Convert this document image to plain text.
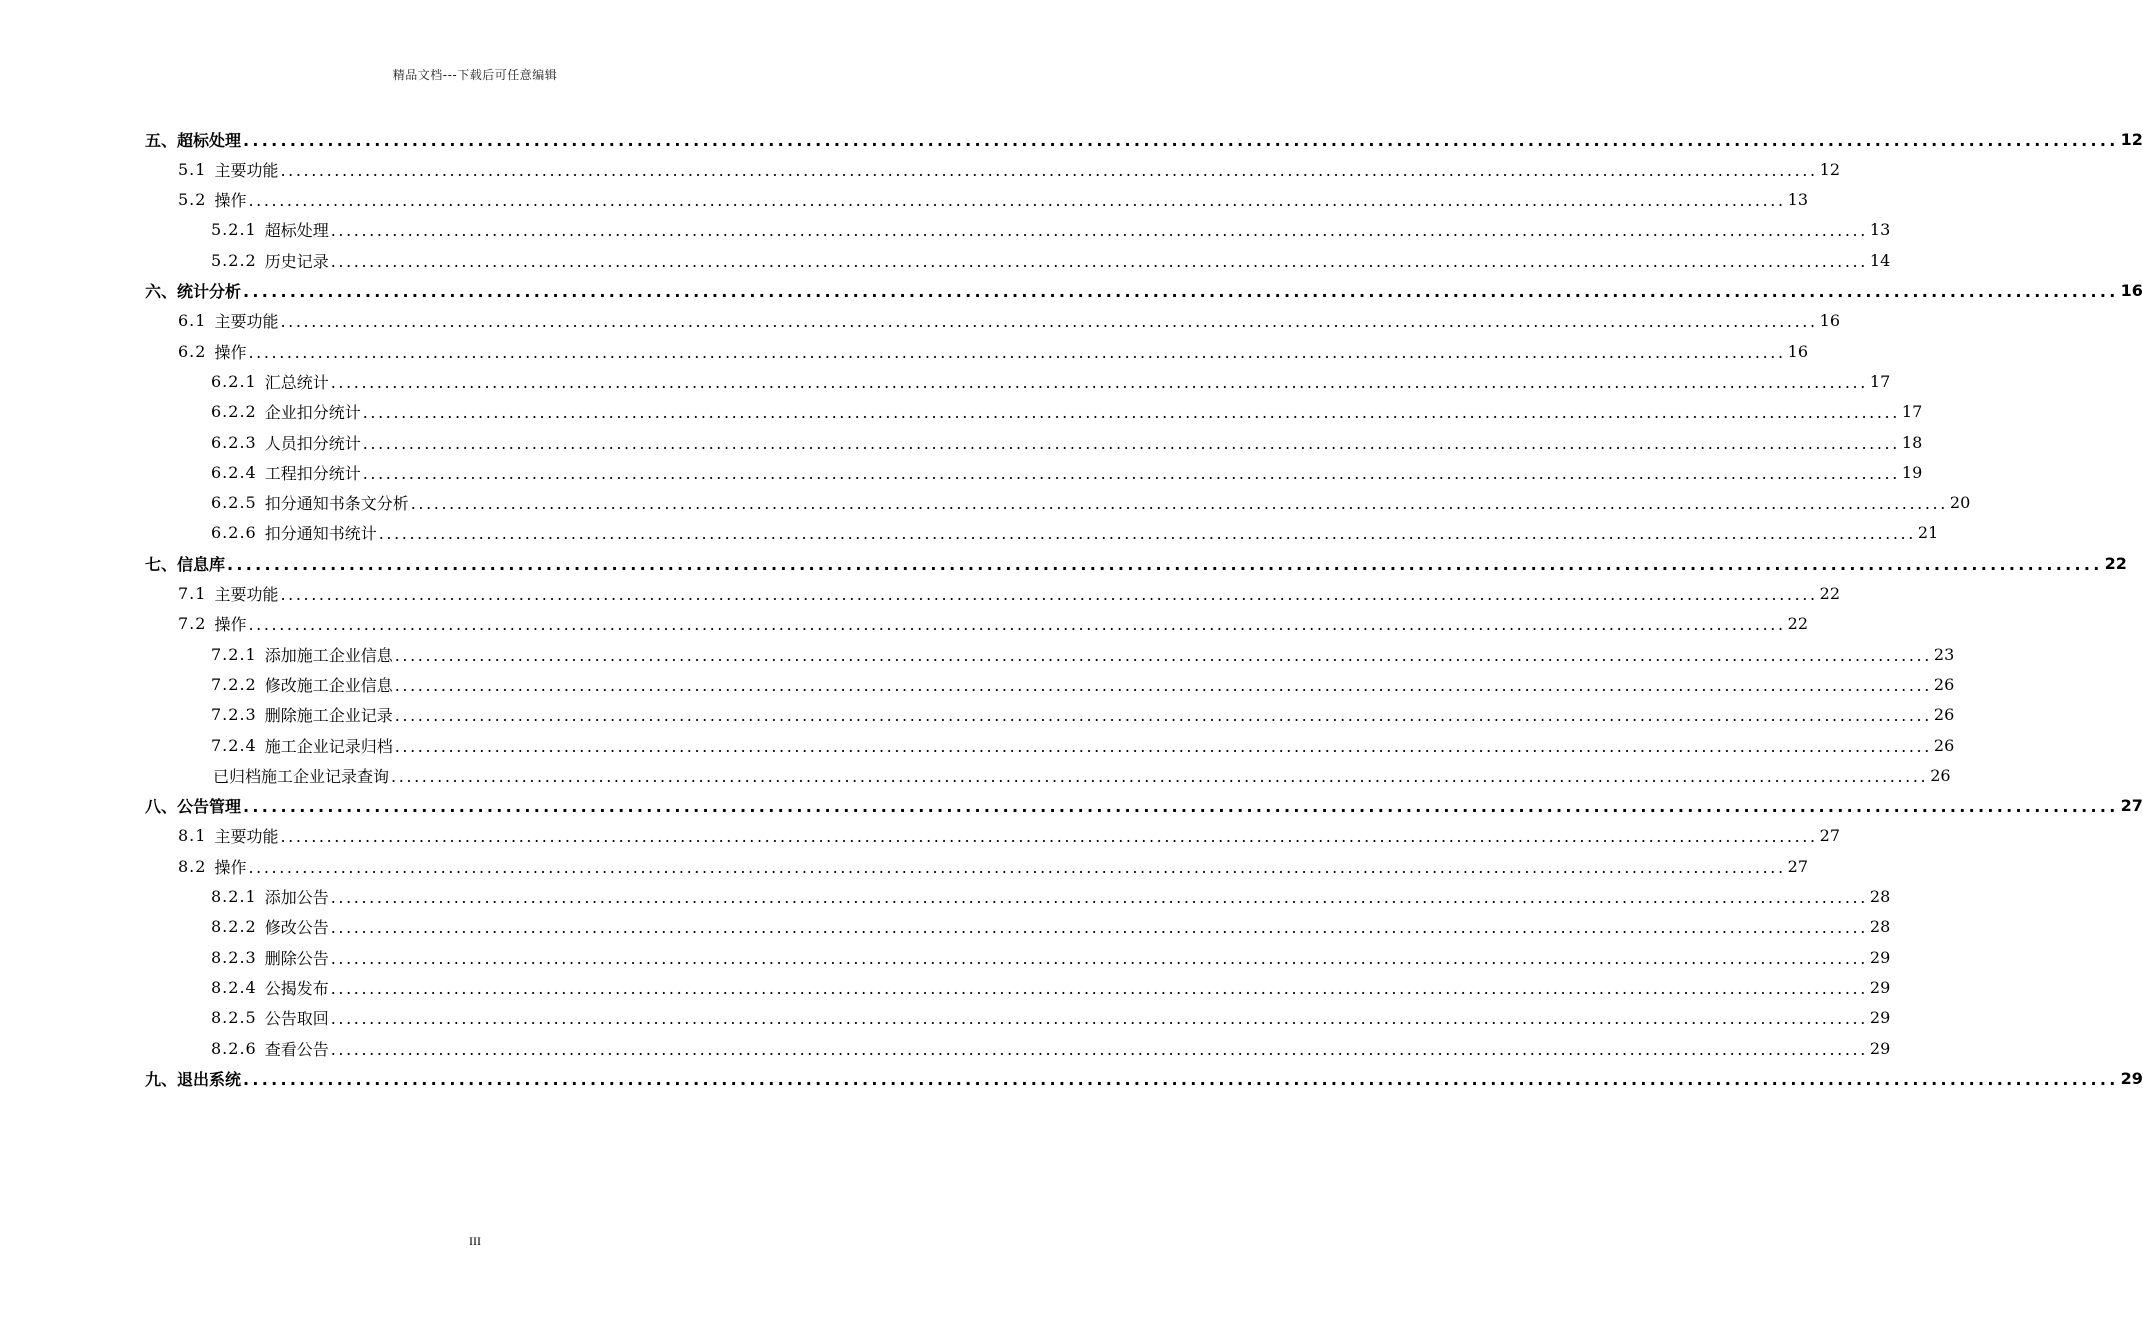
精品文档---下载后可任意编辑
五、超标处理 ........................................................................................................................................................................................................ 12
5.1 主要功能 ........................................................................................................................................................................................................ 12
5.2 操作 ........................................................................................................................................................................................................ 13
5.2.1 超标处理 ........................................................................................................................................................................................................ 13
5.2.2 历史记录 ........................................................................................................................................................................................................ 14
六、统计分析 ........................................................................................................................................................................................................ 16
6.1 主要功能 ........................................................................................................................................................................................................ 16
6.2 操作 ........................................................................................................................................................................................................ 16
6.2.1 汇总统计 ........................................................................................................................................................................................................ 17
6.2.2 企业扣分统计 ........................................................................................................................................................................................................ 17
6.2.3 人员扣分统计 ........................................................................................................................................................................................................ 18
6.2.4 工程扣分统计 ........................................................................................................................................................................................................ 19
6.2.5 扣分通知书条文分析 ........................................................................................................................................................................................................ 20
6.2.6 扣分通知书统计 ........................................................................................................................................................................................................ 21
七、信息库 ........................................................................................................................................................................................................ 22
7.1 主要功能 ........................................................................................................................................................................................................ 22
7.2 操作 ........................................................................................................................................................................................................ 22
7.2.1 添加施工企业信息 ........................................................................................................................................................................................................ 23
7.2.2 修改施工企业信息 ........................................................................................................................................................................................................ 26
7.2.3 删除施工企业记录 ........................................................................................................................................................................................................ 26
7.2.4 施工企业记录归档 ........................................................................................................................................................................................................ 26
已归档施工企业记录查询 ........................................................................................................................................................................................................ 26
八、公告管理 ........................................................................................................................................................................................................ 27
8.1 主要功能 ........................................................................................................................................................................................................ 27
8.2 操作 ........................................................................................................................................................................................................ 27
8.2.1 添加公告 ........................................................................................................................................................................................................ 28
8.2.2 修改公告 ........................................................................................................................................................................................................ 28
8.2.3 删除公告 ........................................................................................................................................................................................................ 29
8.2.4 公揭发布 ........................................................................................................................................................................................................ 29
8.2.5 公告取回 ........................................................................................................................................................................................................ 29
8.2.6 查看公告 ........................................................................................................................................................................................................ 29
九、退出系统 ........................................................................................................................................................................................................ 29
III
